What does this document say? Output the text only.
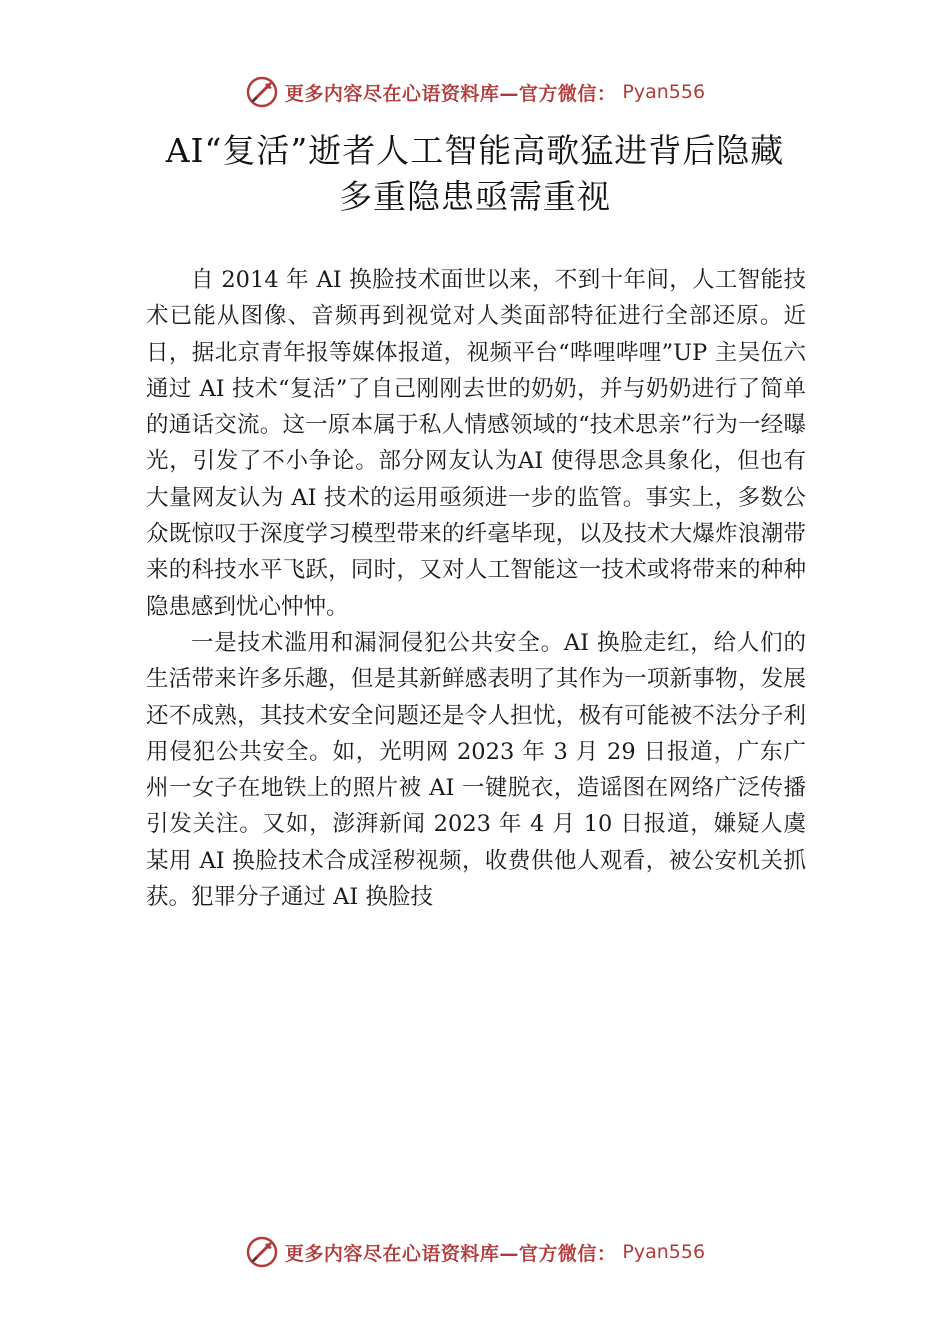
更多内容尽在心语资料库—官方微信： Pyan556
AI“复活”逝者人工智能高歌猛进背后隐藏
多重隐患亟需重视

自 2014 年 AI 换脸技术面世以来，不到十年间，人工智能技术已能从图像、音频再到视觉对人类面部特征进行全部还原。近日，据北京青年报等媒体报道，视频平台“哔哩哔哩”UP 主吴伍六通过 AI 技术“复活”了自己刚刚去世的奶奶，并与奶奶进行了简单的通话交流。这一原本属于私人情感领域的“技术思亲”行为一经曝光，引发了不小争论。部分网友认为AI 使得思念具象化，但也有大量网友认为 AI 技术的运用亟须进一步的监管。事实上，多数公众既惊叹于深度学习模型带来的纤毫毕现，以及技术大爆炸浪潮带来的科技水平飞跃，同时，又对人工智能这一技术或将带来的种种隐患感到忧心忡忡。

一是技术滥用和漏洞侵犯公共安全。AI 换脸走红，给人们的生活带来许多乐趣，但是其新鲜感表明了其作为一项新事物，发展还不成熟，其技术安全问题还是令人担忧，极有可能被不法分子利用侵犯公共安全。如，光明网 2023 年 3 月 29 日报道，广东广州一女子在地铁上的照片被 AI 一键脱衣，造谣图在网络广泛传播引发关注。又如，澎湃新闻 2023 年 4 月 10 日报道，嫌疑人虞某用 AI 换脸技术合成淫秽视频，收费供他人观看，被公安机关抓获。犯罪分子通过 AI 换脸技

更多内容尽在心语资料库—官方微信： Pyan556
